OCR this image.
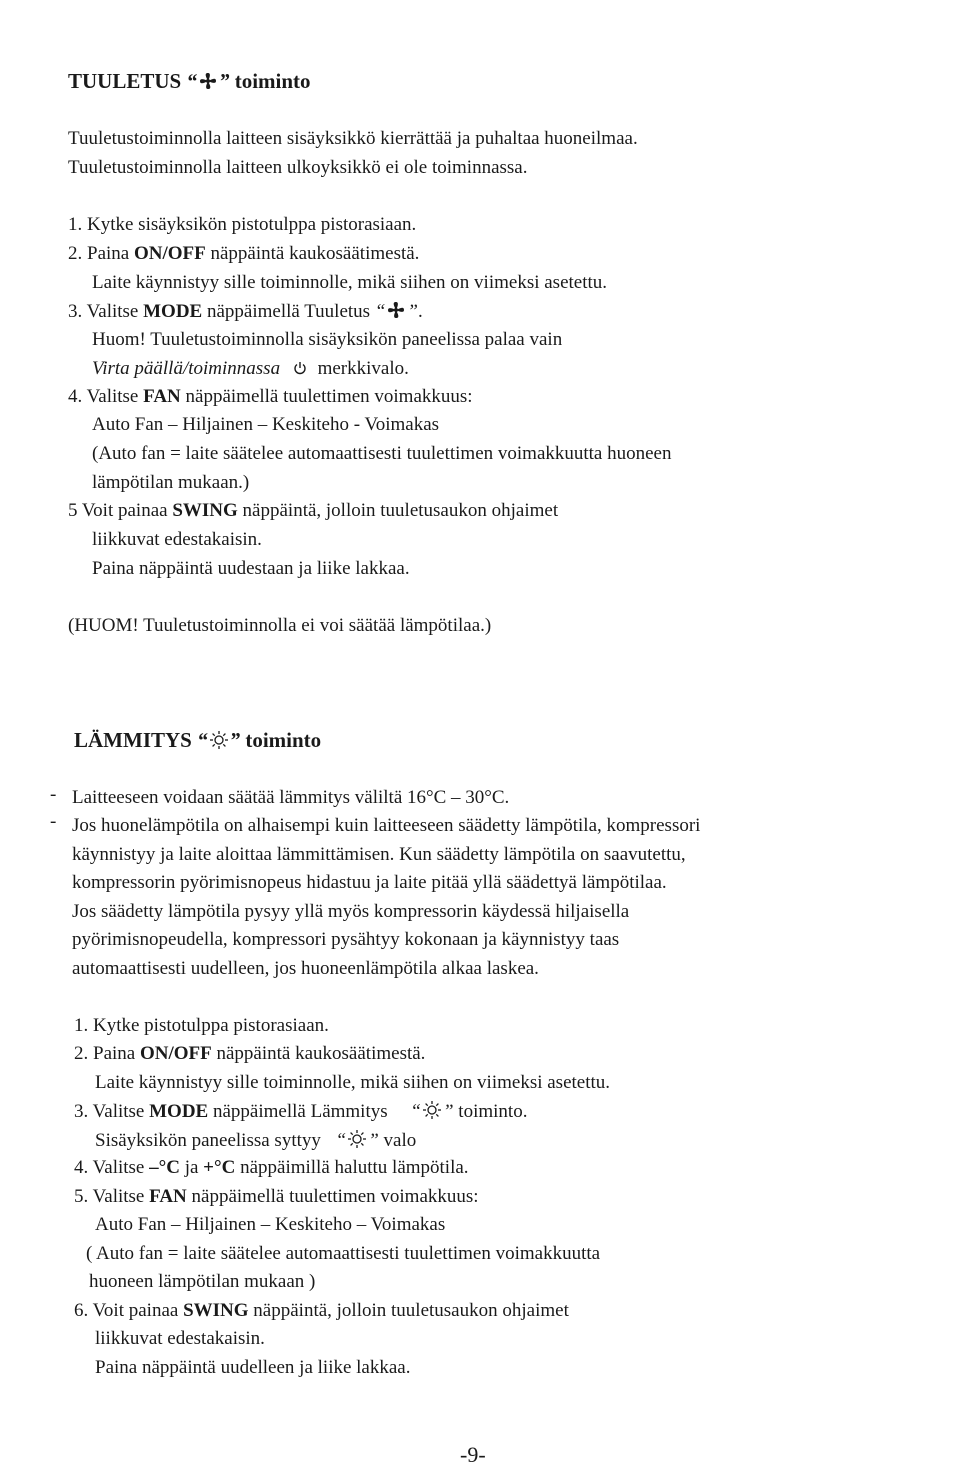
TUULETUS “ ” toiminto
Tuuletustoiminnolla laitteen sisäyksikkö kierrättää ja puhaltaa huoneilmaa.
Tuuletustoiminnolla laitteen ulkoyksikkö ei ole toiminnassa.
1. Kytke sisäyksikön pistotulppa pistorasiaan.
2. Paina ON/OFF näppäintä kaukosäätimestä.
Laite käynnistyy sille toiminnolle, mikä siihen on viimeksi asetettu.
3. Valitse MODE näppäimellä Tuuletus “ ”.
Huom! Tuuletustoiminnolla sisäyksikön paneelissa palaa vain
Virta päällä/toiminnassa merkkivalo.
4. Valitse FAN näppäimellä tuulettimen voimakkuus:
Auto Fan – Hiljainen – Keskiteho - Voimakas
(Auto fan = laite säätelee automaattisesti tuulettimen voimakkuutta huoneen
lämpötilan mukaan.)
5 Voit painaa SWING näppäintä, jolloin tuuletusaukon ohjaimet
liikkuvat edestakaisin.
Paina näppäintä uudestaan ja liike lakkaa.
(HUOM! Tuuletustoiminnolla ei voi säätää lämpötilaa.)
LÄMMITYS “ ” toiminto
- Laitteeseen voidaan säätää lämmitys väliltä 16°C – 30°C.
- Jos huonelämpötila on alhaisempi kuin laitteeseen säädetty lämpötila, kompressori
käynnistyy ja laite aloittaa lämmittämisen. Kun säädetty lämpötila on saavutettu,
kompressorin pyörimisnopeus hidastuu ja laite pitää yllä säädettyä lämpötilaa.
Jos säädetty lämpötila pysyy yllä myös kompressorin käydessä hiljaisella
pyörimisnopeudella, kompressori pysähtyy kokonaan ja käynnistyy taas
automaattisesti uudelleen, jos huoneenlämpötila alkaa laskea.
1. Kytke pistotulppa pistorasiaan.
2. Paina ON/OFF näppäintä kaukosäätimestä.
Laite käynnistyy sille toiminnolle, mikä siihen on viimeksi asetettu.
3. Valitse MODE näppäimellä Lämmitys “ ” toiminto.
Sisäyksikön paneelissa syttyy “ ” valo
4. Valitse –°C ja +°C näppäimillä haluttu lämpötila.
5. Valitse FAN näppäimellä tuulettimen voimakkuus:
Auto Fan – Hiljainen – Keskiteho – Voimakas
( Auto fan = laite säätelee automaattisesti tuulettimen voimakkuutta
huoneen lämpötilan mukaan )
6. Voit painaa SWING näppäintä, jolloin tuuletusaukon ohjaimet
liikkuvat edestakaisin.
Paina näppäintä uudelleen ja liike lakkaa.
-9-
